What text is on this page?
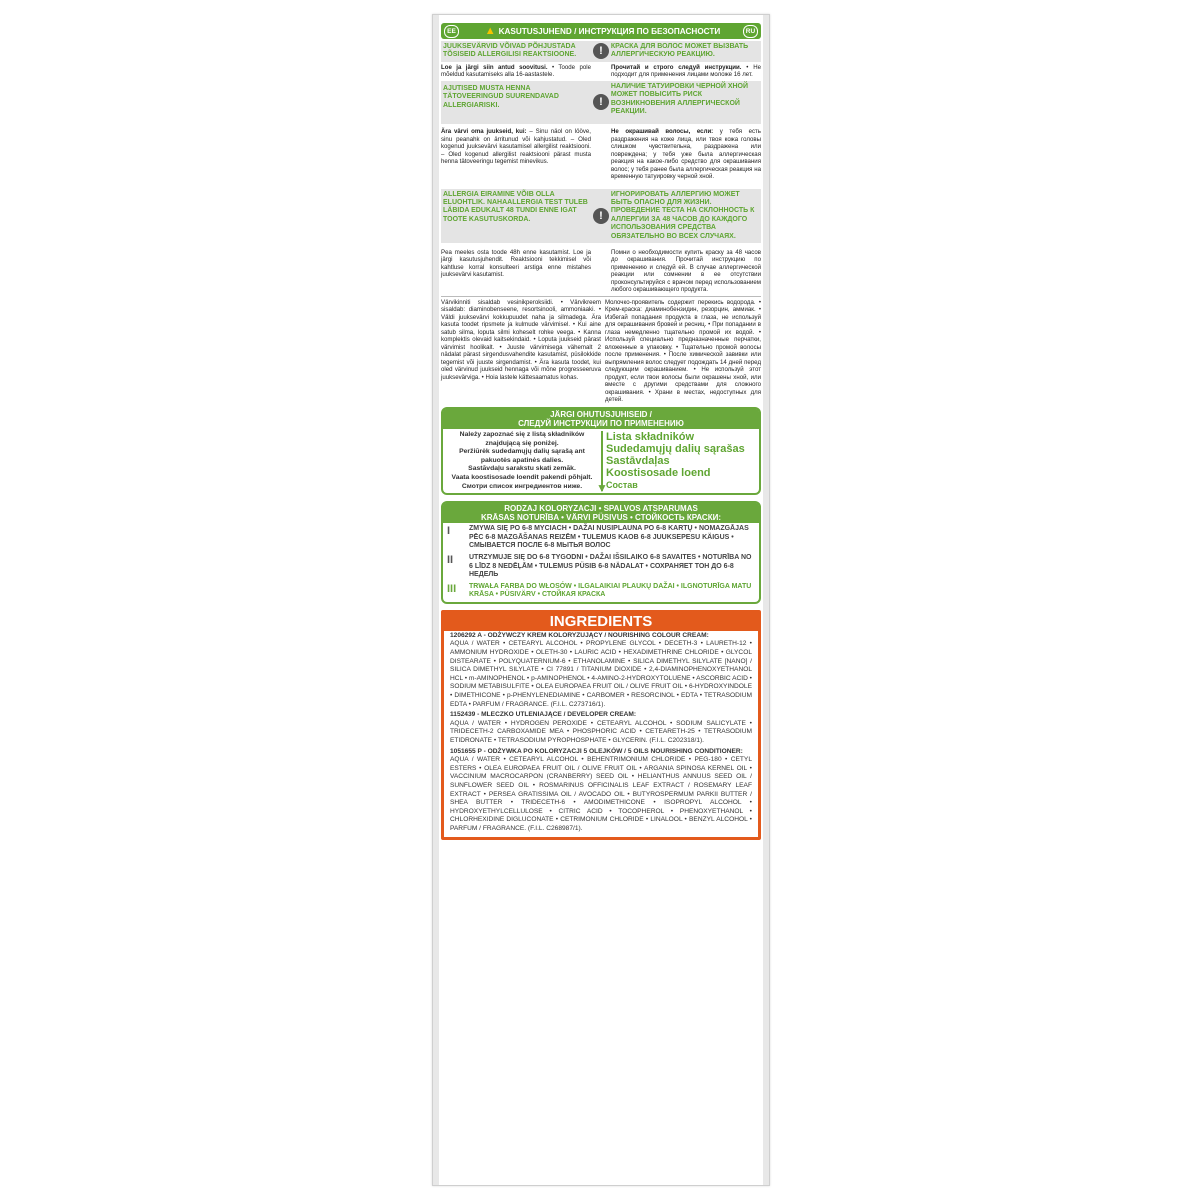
EE	▲ KASUTUSJUHEND / ИНСТРУКЦИЯ ПО БЕЗОПАСНОСТИ	RU
JUUKSEVÄRVID VÕIVAD PÕHJUSTADA TÕSISEID ALLERGILISI REAKTSIOONE.	!	КРАСКА ДЛЯ ВОЛОС МОЖЕТ ВЫЗВАТЬ АЛЛЕРГИЧЕСКУЮ РЕАКЦИЮ.
Loe ja järgi siin antud soovitusi. • Toode pole mõeldud kasutamiseks alla 16-aastastele.
Прочитай и строго следуй инструкции. • Не подходит для применения лицами моложе 16 лет.
AJUTISED MUSTA HENNA TÄTOVEERINGUD SUURENDAVAD ALLERGIARISKI.	!
НАЛИЧИЕ ТАТУИРОВКИ ЧЕРНОЙ ХНОЙ МОЖЕТ ПОВЫСИТЬ РИСК ВОЗНИКНОВЕНИЯ АЛЛЕРГИЧЕСКОЙ РЕАКЦИИ.
Ära värvi oma juukseid, kui: – Sinu näol on lööve, sinu peanahk on ärritunud või kahjustatud. – Oled kogenud juuksevärvi kasutamisel allergilist reaktsiooni. – Oled kogenud allergilist reaktsiooni pärast musta henna tätoveeringu tegemist minevikus.
Не окрашивай волосы, если: у тебя есть раздражения на коже лица, или твоя кожа головы слишком чувствительна, раздражена или повреждена; у тебя уже была аллергическая реакция на какое-либо средство для окрашивания волос; у тебя ранее была аллергическая реакция на временную татуировку черной хной.
ALLERGIA EIRAMINE VÕIB OLLA ELUOHTLIK. NAHAALLERGIA TEST TULEB LÄBIDA EDUKALT 48 TUNDI ENNE IGAT TOOTE KASUTUSKORDA.	!
ИГНОРИРОВАТЬ АЛЛЕРГИЮ МОЖЕТ БЫТЬ ОПАСНО ДЛЯ ЖИЗНИ. ПРОВЕДЕНИЕ ТЕСТА НА СКЛОННОСТЬ К АЛЛЕРГИИ ЗА 48 ЧАСОВ ДО КАЖДОГО ИСПОЛЬЗОВАНИЯ СРЕДСТВА ОБЯЗАТЕЛЬНО ВО ВСЕХ СЛУЧАЯХ.
Pea meeles osta toode 48h enne kasutamist. Loe ja järgi kasutusjuhendit. Reaktsiooni tekkimisel või kahtluse korral konsulteeri arstiga enne mistahes juuksevärvi kasutamist.
Помни о необходимости купить краску за 48 часов до окрашивания. Прочитай инструкцию по применению и следуй ей. В случае аллергической реакции или сомнении в ее отсутствии проконсультируйся с врачом перед использованием любого окрашивающего продукта.
Värvikinniti sisaldab vesinikperoksiidi. • Värvikreem sisaldab: diaminobenseene, resortsinooli, ammoniaaki. • Väldi juuksevärvi kokkupuudet naha ja silmadega. Ära kasuta toodet ripsmete ja kulmude värvimisel. • Kui aine satub silma, loputa silmi koheselt rohke veega. • Kanna komplektis olevaid kaitsekindaid. • Loputa juukseid pärast värvimist hoolikalt. • Juuste värvimisega vähemalt 2 nädalat pärast sirgendusvahendite kasutamist, püsilokkide tegemist või juuste sirgendamist. • Ära kasuta toodet, kui oled värvinud juukseid hennaga või mõne progresseeruva juuksevärviga. • Hoia lastele kättesaamatus kohas.
Молочко-проявитель содержит перекись водорода. • Крем-краска: диаминобензидин, резорцин, аммиак. • Избегай попадания продукта в глаза, не используй для окрашивания бровей и ресниц. • При попадании в глаза немедленно тщательно промой их водой. • Используй специально предназначенные перчатки, вложенные в упаковку. • Тщательно промой волосы после применения. • После химической завивки или выпрямления волос следует подождать 14 дней перед следующим окрашиванием. • Не используй этот продукт, если твои волосы были окрашены хной, или вместе с другими средствами для сложного окрашивания. • Храни в местах, недоступных для детей.
JÄRGI OHUTUSJUHISEID /
СЛЕДУЙ ИНСТРУКЦИИ ПО ПРИМЕНЕНИЮ
Należy zapoznać się z listą składników znajdującą się poniżej.
Peržiūrėk sudedamųjų dalių sąrašą ant pakuotės apatinės dalies.
Sastāvdaļu sarakstu skati zemāk.
Vaata koostisosade loendit pakendi põhjalt.
Смотри список ингредиентов ниже.	▼
Lista składników
Sudedamųjų dalių sąrašas
Sastāvdaļas
Koostisosade loend
Состав
RODZAJ KOLORYZACJI • SPALVOS ATSPARUMAS
KRĀSAS NOTURĪBA • VÄRVI PÜSIVUS • СТОЙКОСТЬ КРАСКИ:
I	ZMYWA SIĘ PO 6-8 MYCIACH • DAŽAI NUSIPLAUNA PO 6-8 KARTŲ • NOMAZGĀJAS PĒC 6-8 MAZGĀŠANAS REIZĒM • TULEMUS KAOB 6-8 JUUKSEPESU KÄIGUS • СМЫВАЕТСЯ ПОСЛЕ 6-8 МЫТЬЯ ВОЛОС
II	UTRZYMUJE SIĘ DO 6-8 TYGODNI • DAŽAI IŠSILAIKO 6-8 SAVAITES • NOTURĪBA NO 6 LĪDZ 8 NEDĒĻĀM • TULEMUS PÜSIB 6-8 NÄDALAT • СОХРАНЯЕТ ТОН ДО 6-8 НЕДЕЛЬ
III	TRWAŁA FARBA DO WŁOSÓW • ILGALAIKIAI PLAUKŲ DAŽAI • ILGNOTURĪGA MATU KRĀSA • PÜSIVÄRV • СТОЙКАЯ КРАСКА
INGREDIENTS
1206292 A - ODŻYWCZY KREM KOLORYZUJĄCY / NOURISHING COLOUR CREAM:
AQUA / WATER • CETEARYL ALCOHOL • PROPYLENE GLYCOL • DECETH-3 • LAURETH-12 • AMMONIUM HYDROXIDE • OLETH-30 • LAURIC ACID • HEXADIMETHRINE CHLORIDE • GLYCOL DISTEARATE • POLYQUATERNIUM-6 • ETHANOLAMINE • SILICA DIMETHYL SILYLATE [NANO] / SILICA DIMETHYL SILYLATE • CI 77891 / TITANIUM DIOXIDE • 2,4-DIAMINOPHENOXYETHANOL HCL • m-AMINOPHENOL • p-AMINOPHENOL • 4-AMINO-2-HYDROXYTOLUENE • ASCORBIC ACID • SODIUM METABISULFITE • OLEA EUROPAEA FRUIT OIL / OLIVE FRUIT OIL • 6-HYDROXYINDOLE • DIMETHICONE • p-PHENYLENEDIAMINE • CARBOMER • RESORCINOL • EDTA • TETRASODIUM EDTA • PARFUM / FRAGRANCE. (F.I.L. C273716/1).
1152439 - MLECZKO UTLENIAJĄCE / DEVELOPER CREAM:
AQUA / WATER • HYDROGEN PEROXIDE • CETEARYL ALCOHOL • SODIUM SALICYLATE • TRIDECETH-2 CARBOXAMIDE MEA • PHOSPHORIC ACID • CETEARETH-25 • TETRASODIUM ETIDRONATE • TETRASODIUM PYROPHOSPHATE • GLYCERIN. (F.I.L. C202318/1).
1051655 P - ODŻYWKA PO KOLORYZACJI 5 OLEJKÓW / 5 OILS NOURISHING CONDITIONER:
AQUA / WATER • CETEARYL ALCOHOL • BEHENTRIMONIUM CHLORIDE • PEG-180 • CETYL ESTERS • OLEA EUROPAEA FRUIT OIL / OLIVE FRUIT OIL • ARGANIA SPINOSA KERNEL OIL • VACCINIUM MACROCARPON (CRANBERRY) SEED OIL • HELIANTHUS ANNUUS SEED OIL / SUNFLOWER SEED OIL • ROSMARINUS OFFICINALIS LEAF EXTRACT / ROSEMARY LEAF EXTRACT • PERSEA GRATISSIMA OIL / AVOCADO OIL • BUTYROSPERMUM PARKII BUTTER / SHEA BUTTER • TRIDECETH-6 • AMODIMETHICONE • ISOPROPYL ALCOHOL • HYDROXYETHYLCELLULOSE • CITRIC ACID • TOCOPHEROL • PHENOXYETHANOL • CHLORHEXIDINE DIGLUCONATE • CETRIMONIUM CHLORIDE • LINALOOL • BENZYL ALCOHOL • PARFUM / FRAGRANCE. (F.I.L. C268987/1).
